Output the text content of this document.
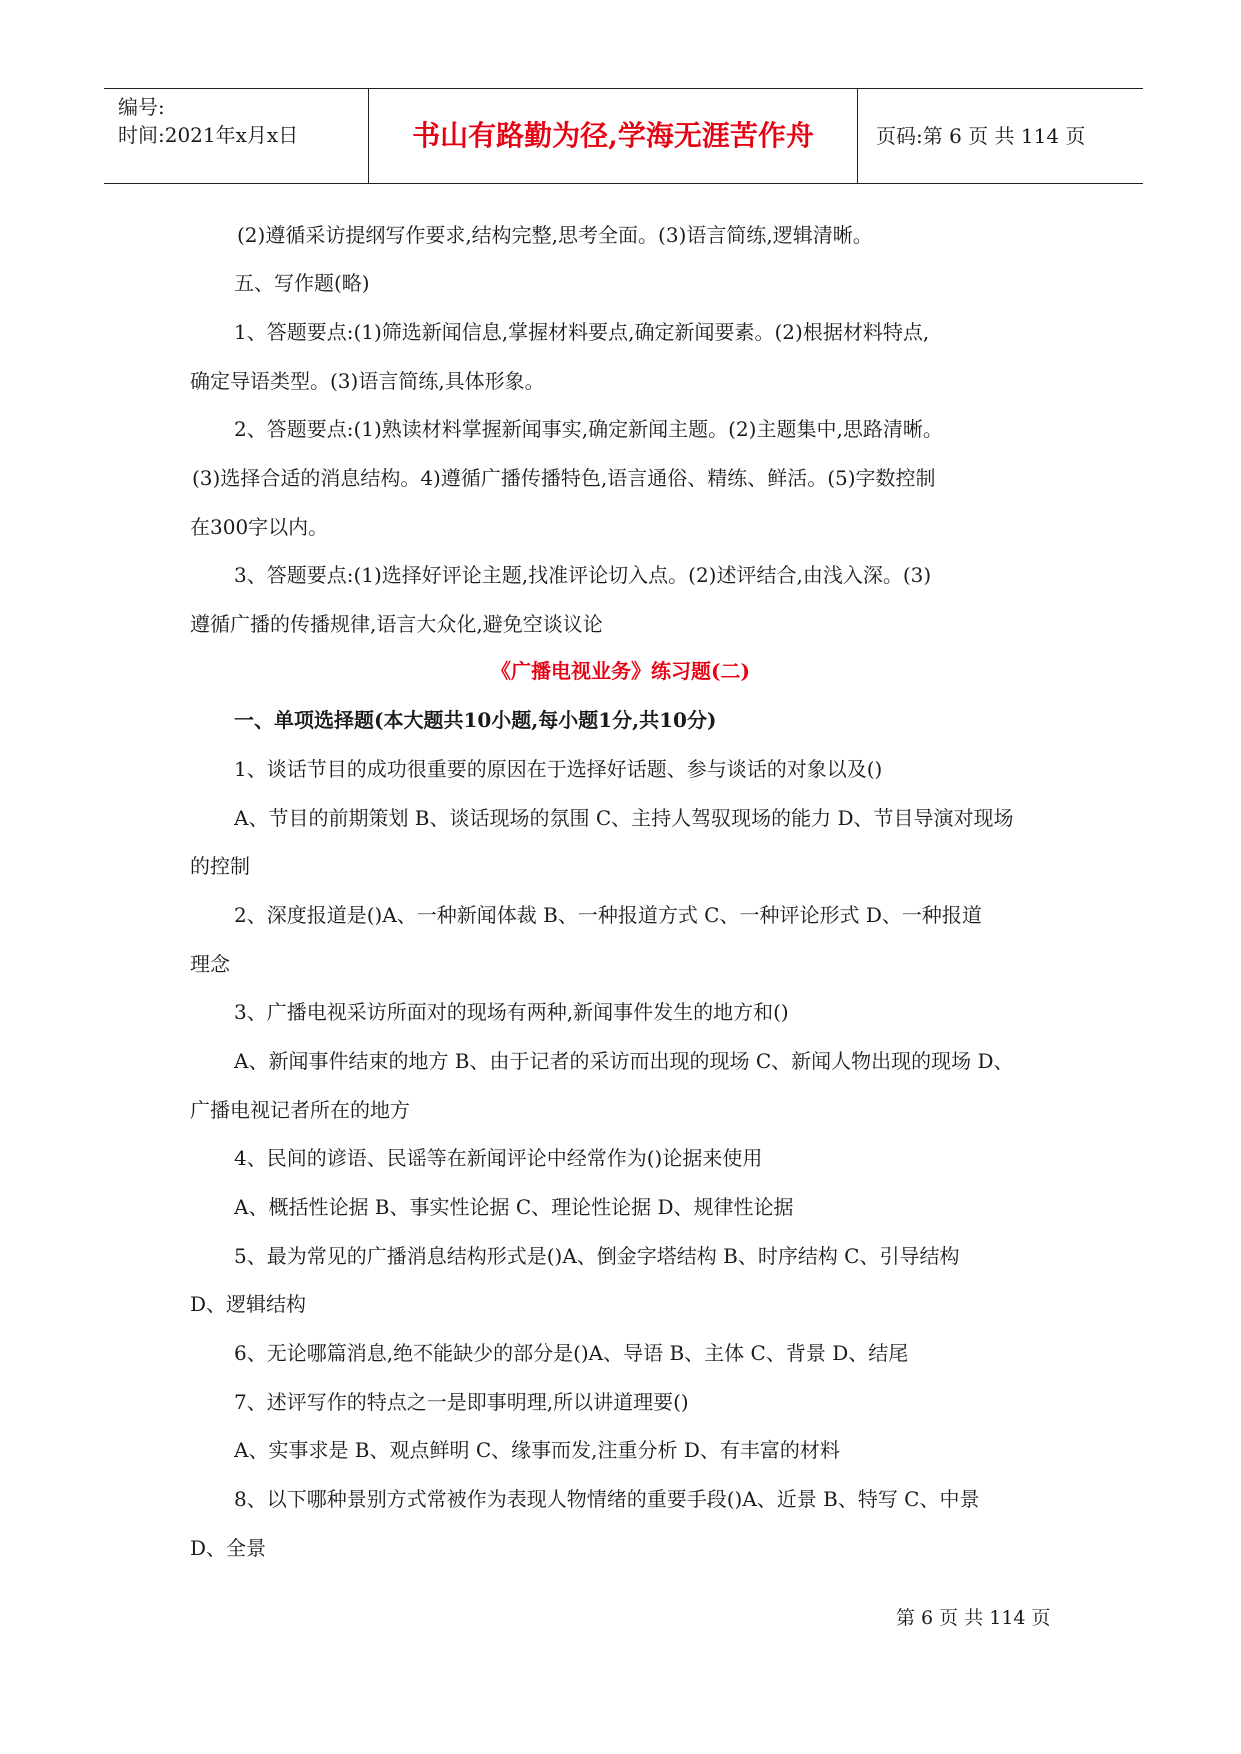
编号:
时间:2021年x月x日	书山有路勤为径,学海无涯苦作舟	页码:第 6 页 共 114 页
(2)遵循采访提纲写作要求,结构完整,思考全面。(3)语言简练,逻辑清晰。
五、写作题(略)
1、答题要点:(1)筛选新闻信息,掌握材料要点,确定新闻要素。(2)根据材料特点,
确定导语类型。(3)语言简练,具体形象。
2、答题要点:(1)熟读材料掌握新闻事实,确定新闻主题。(2)主题集中,思路清晰。
(3)选择合适的消息结构。4)遵循广播传播特色,语言通俗、精练、鲜活。(5)字数控制
在300字以内。
3、答题要点:(1)选择好评论主题,找准评论切入点。(2)述评结合,由浅入深。(3)
遵循广播的传播规律,语言大众化,避免空谈议论
《广播电视业务》练习题(二)
一、单项选择题(本大题共10小题,每小题1分,共10分)
1、谈话节目的成功很重要的原因在于选择好话题、参与谈话的对象以及()
A、节目的前期策划 B、谈话现场的氛围 C、主持人驾驭现场的能力 D、节目导演对现场
的控制
2、深度报道是()A、一种新闻体裁 B、一种报道方式 C、一种评论形式 D、一种报道
理念
3、广播电视采访所面对的现场有两种,新闻事件发生的地方和()
A、新闻事件结束的地方 B、由于记者的采访而出现的现场 C、新闻人物出现的现场 D、
广播电视记者所在的地方
4、民间的谚语、民谣等在新闻评论中经常作为()论据来使用
A、概括性论据 B、事实性论据 C、理论性论据 D、规律性论据
5、最为常见的广播消息结构形式是()A、倒金字塔结构 B、时序结构 C、引导结构
D、逻辑结构
6、无论哪篇消息,绝不能缺少的部分是()A、导语 B、主体 C、背景 D、结尾
7、述评写作的特点之一是即事明理,所以讲道理要()
A、实事求是 B、观点鲜明 C、缘事而发,注重分析 D、有丰富的材料
8、以下哪种景别方式常被作为表现人物情绪的重要手段()A、近景 B、特写 C、中景
D、全景
第 6 页 共 114 页
